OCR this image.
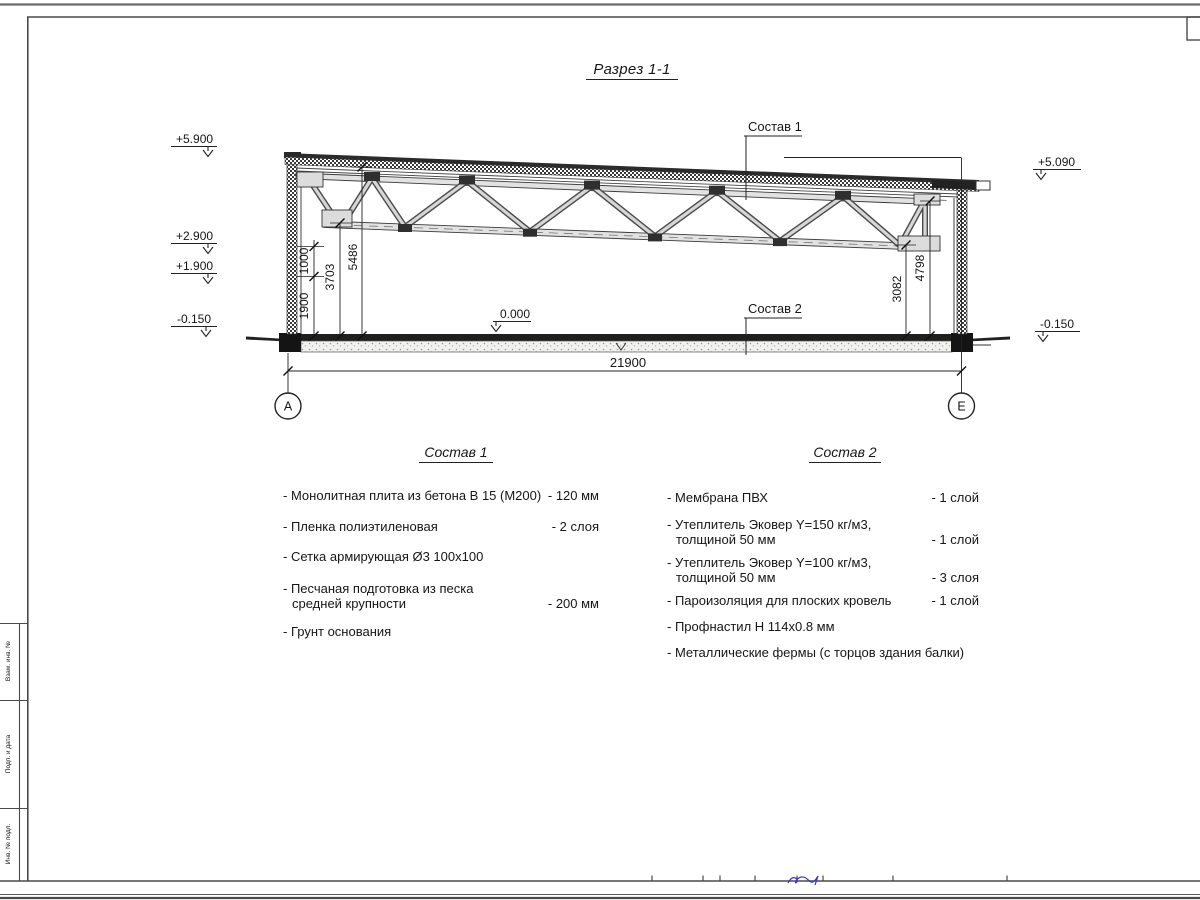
Взам. инв. №
Подп. и дата
Инв. № подл.
Состав 1
Состав 2
1900
1000
3703
5486
3082
4798
21900
А	Е
+5.900
+2.900
+1.900
-0.150
+5.090
-0.150
0.000
Разрез 1-1
Состав 1
- Монолитная плита из бетона В 15 (М200) - 120 мм
- Пленка полиэтиленовая	- 2 слоя
- Сетка армирующая Ø3 100х100
- Песчаная подготовка из песка
средней крупности	- 200 мм
- Грунт основания
Состав 2
- Мембрана ПВХ	- 1 слой
- Утеплитель Эковер Y=150 кг/м3,
толщиной 50 мм	- 1 слой
- Утеплитель Эковер Y=100 кг/м3,
толщиной 50 мм	- 3 слоя
- Пароизоляция для плоских кровель	- 1 слой
- Профнастил Н 114х0.8 мм
- Металлические фермы (с торцов здания балки)
